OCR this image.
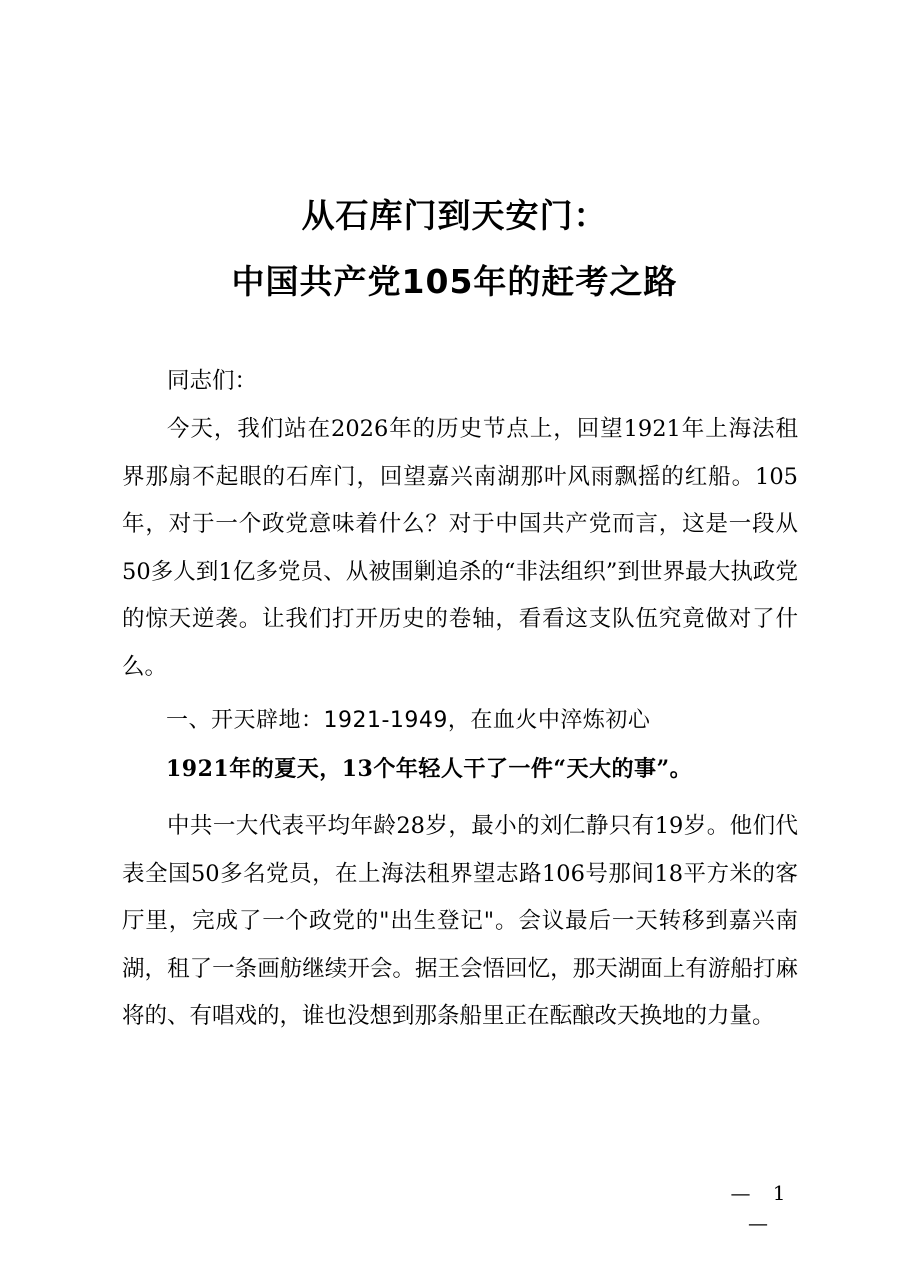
从石库门到天安门：
中国共产党105年的赶考之路

同志们：

今天，我们站在2026年的历史节点上，回望1921年上海法租界那扇不起眼的石库门，回望嘉兴南湖那叶风雨飘摇的红船。105年，对于一个政党意味着什么？对于中国共产党而言，这是一段从50多人到1亿多党员、从被围剿追杀的“非法组织”到世界最大执政党的惊天逆袭。让我们打开历史的卷轴，看看这支队伍究竟做对了什么。

一、开天辟地：1921-1949，在血火中淬炼初心

1921年的夏天，13个年轻人干了一件“天大的事”。

中共一大代表平均年龄28岁，最小的刘仁静只有19岁。他们代表全国50多名党员，在上海法租界望志路106号那间18平方米的客厅里，完成了一个政党的"出生登记"。会议最后一天转移到嘉兴南湖，租了一条画舫继续开会。据王会悟回忆，那天湖面上有游船打麻将的、有唱戏的，谁也没想到那条船里正在酝酿改天换地的力量。

— 1 —
